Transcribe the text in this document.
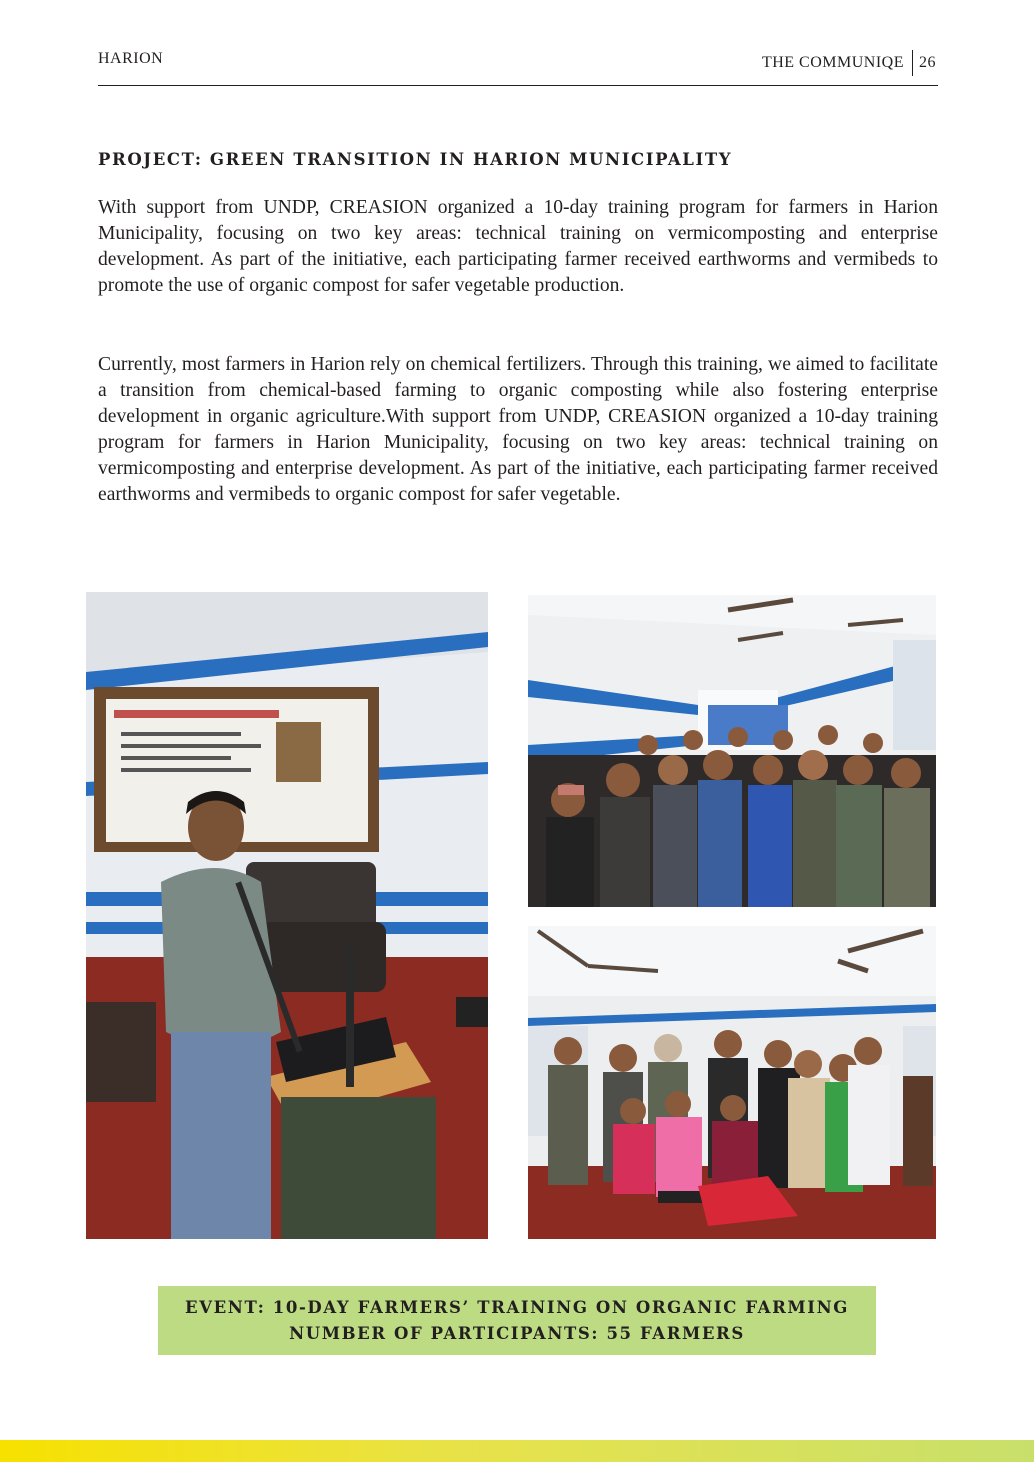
HARION	THE COMMUNIQE 26
PROJECT: GREEN TRANSITION IN HARION MUNICIPALITY

With support from UNDP, CREASION organized a 10-day training program for farmers in Harion Municipality, focusing on two key areas: technical training on vermicomposting and enterprise development. As part of the initiative, each participating farmer received earthworms and vermibeds to promote the use of organic compost for safer vegetable production.

Currently, most farmers in Harion rely on chemical fertilizers. Through this training, we aimed to facilitate a transition from chemical-based farming to organic composting while also fostering enterprise development in organic agriculture.With support from UNDP, CREASION organized a 10-day training program for farmers in Harion Municipality, focusing on two key areas: technical training on vermicomposting and enterprise development. As part of the initiative, each participating farmer received earthworms and vermibeds to organic compost for safer vegetable.

EVENT: 10-DAY FARMERS’ TRAINING ON ORGANIC FARMING
NUMBER OF PARTICIPANTS: 55 FARMERS
